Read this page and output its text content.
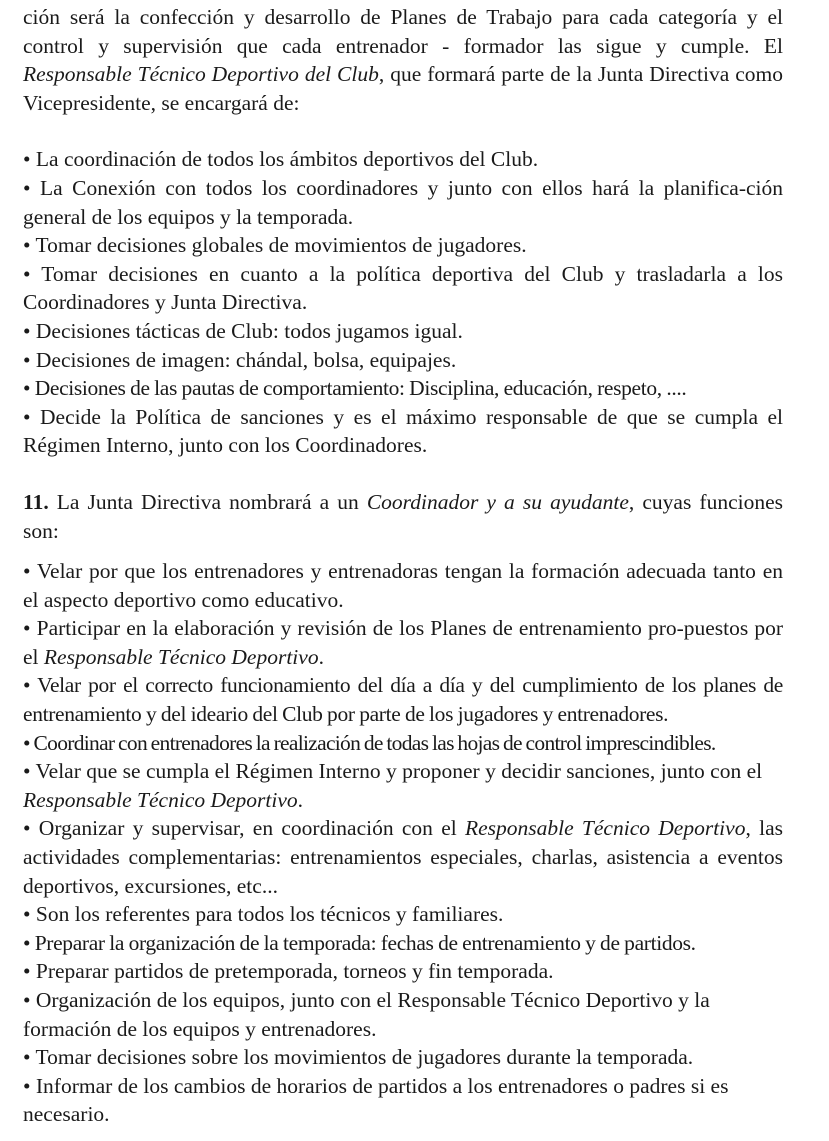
ción será la confección y desarrollo de Planes de Trabajo para cada categoría y el control y supervisión que cada entrenador - formador las sigue y cumple. El Responsable Técnico Deportivo del Club, que formará parte de la Junta Directiva como Vicepresidente, se encargará de:

• La coordinación de todos los ámbitos deportivos del Club.

• La Conexión con todos los coordinadores y junto con ellos hará la planifica-ción general de los equipos y la temporada.

• Tomar decisiones globales de movimientos de jugadores.

• Tomar decisiones en cuanto a la política deportiva del Club y trasladarla a los Coordinadores y Junta Directiva.

• Decisiones tácticas de Club: todos jugamos igual.

• Decisiones de imagen: chándal, bolsa, equipajes.

• Decisiones de las pautas de comportamiento: Disciplina, educación, respeto, ....

• Decide la Política de sanciones y es el máximo responsable de que se cumpla el Régimen Interno, junto con los Coordinadores.

11. La Junta Directiva nombrará a un Coordinador y a su ayudante, cuyas funciones son:

• Velar por que los entrenadores y entrenadoras tengan la formación adecuada tanto en el aspecto deportivo como educativo.

• Participar en la elaboración y revisión de los Planes de entrenamiento pro-puestos por el Responsable Técnico Deportivo.

• Velar por el correcto funcionamiento del día a día y del cumplimiento de los planes de entrenamiento y del ideario del Club por parte de los jugadores y entrenadores.

• Coordinar con entrenadores la realización de todas las hojas de control imprescindibles.

• Velar que se cumpla el Régimen Interno y proponer y decidir sanciones, junto con el Responsable Técnico Deportivo.

• Organizar y supervisar, en coordinación con el Responsable Técnico Deportivo, las actividades complementarias: entrenamientos especiales, charlas, asistencia a eventos deportivos, excursiones, etc...

• Son los referentes para todos los técnicos y familiares.

• Preparar la organización de la temporada: fechas de entrenamiento y de partidos.

• Preparar partidos de pretemporada, torneos y fin temporada.

• Organización de los equipos, junto con el Responsable Técnico Deportivo y la formación de los equipos y entrenadores.

• Tomar decisiones sobre los movimientos de jugadores durante la temporada.

• Informar de los cambios de horarios de partidos a los entrenadores o padres si es necesario.
